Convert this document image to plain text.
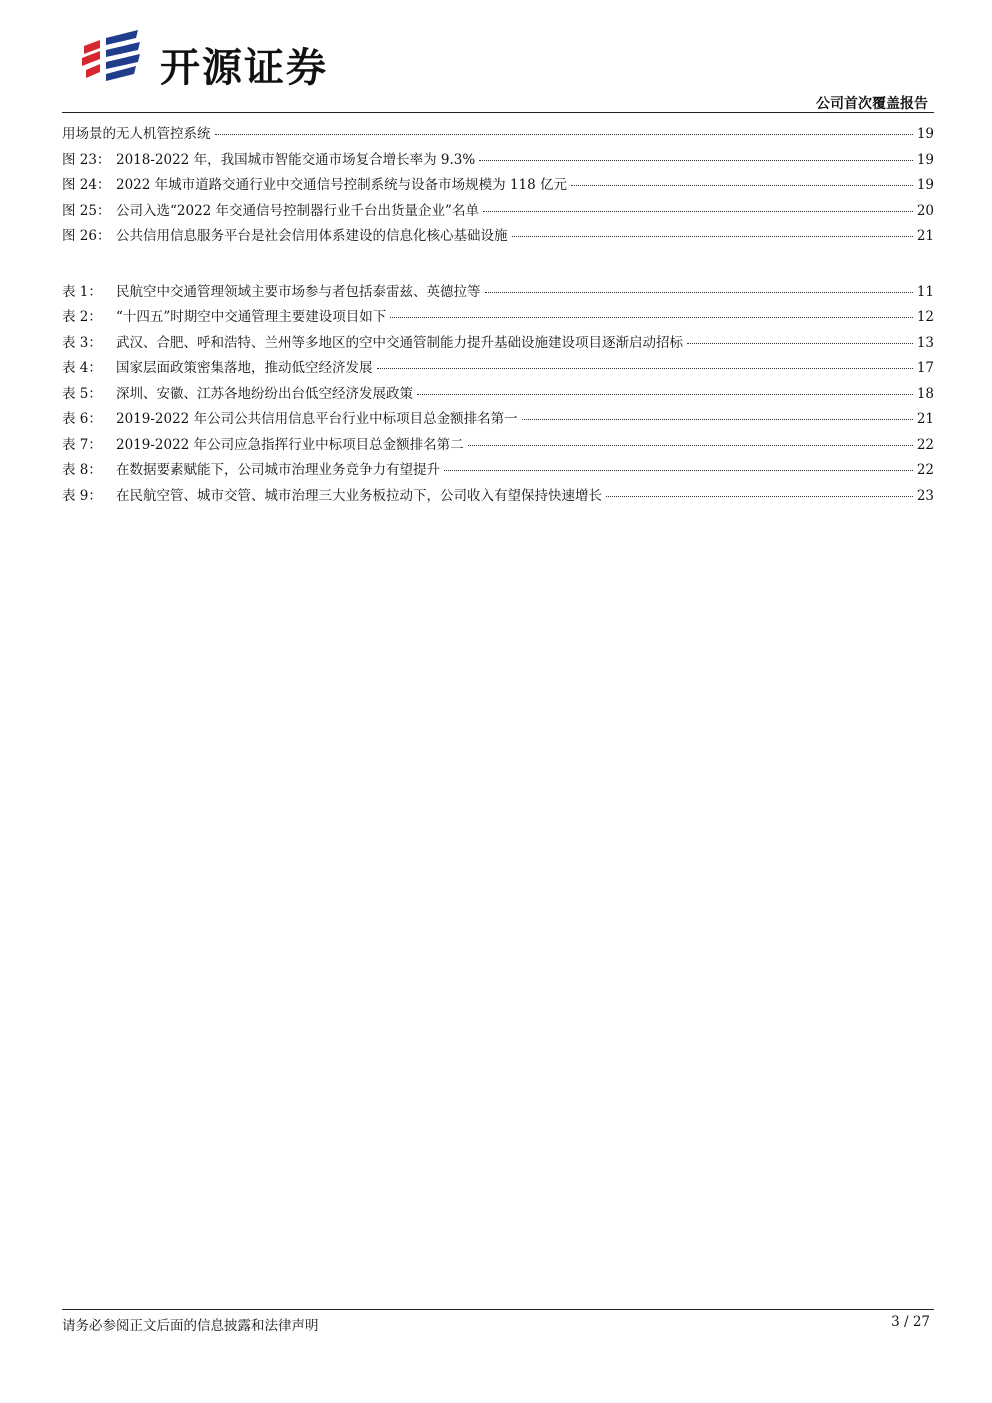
开源证券
公司首次覆盖报告
用场景的无人机管控系统	19
图 23： 2018-2022 年，我国城市智能交通市场复合增长率为 9.3%	19
图 24： 2022 年城市道路交通行业中交通信号控制系统与设备市场规模为 118 亿元	19
图 25： 公司入选“2022 年交通信号控制器行业千台出货量企业”名单	20
图 26： 公共信用信息服务平台是社会信用体系建设的信息化核心基础设施	21
表 1：	民航空中交通管理领域主要市场参与者包括泰雷兹、英德拉等	11
表 2：	“十四五”时期空中交通管理主要建设项目如下	12
表 3：	武汉、合肥、呼和浩特、兰州等多地区的空中交通管制能力提升基础设施建设项目逐渐启动招标	13
表 4：	国家层面政策密集落地，推动低空经济发展	17
表 5：	深圳、安徽、江苏各地纷纷出台低空经济发展政策	18
表 6：	2019-2022 年公司公共信用信息平台行业中标项目总金额排名第一	21
表 7：	2019-2022 年公司应急指挥行业中标项目总金额排名第二	22
表 8：	在数据要素赋能下，公司城市治理业务竞争力有望提升	22
表 9：	在民航空管、城市交管、城市治理三大业务板拉动下，公司收入有望保持快速增长	23
请务必参阅正文后面的信息披露和法律声明	3 / 27
